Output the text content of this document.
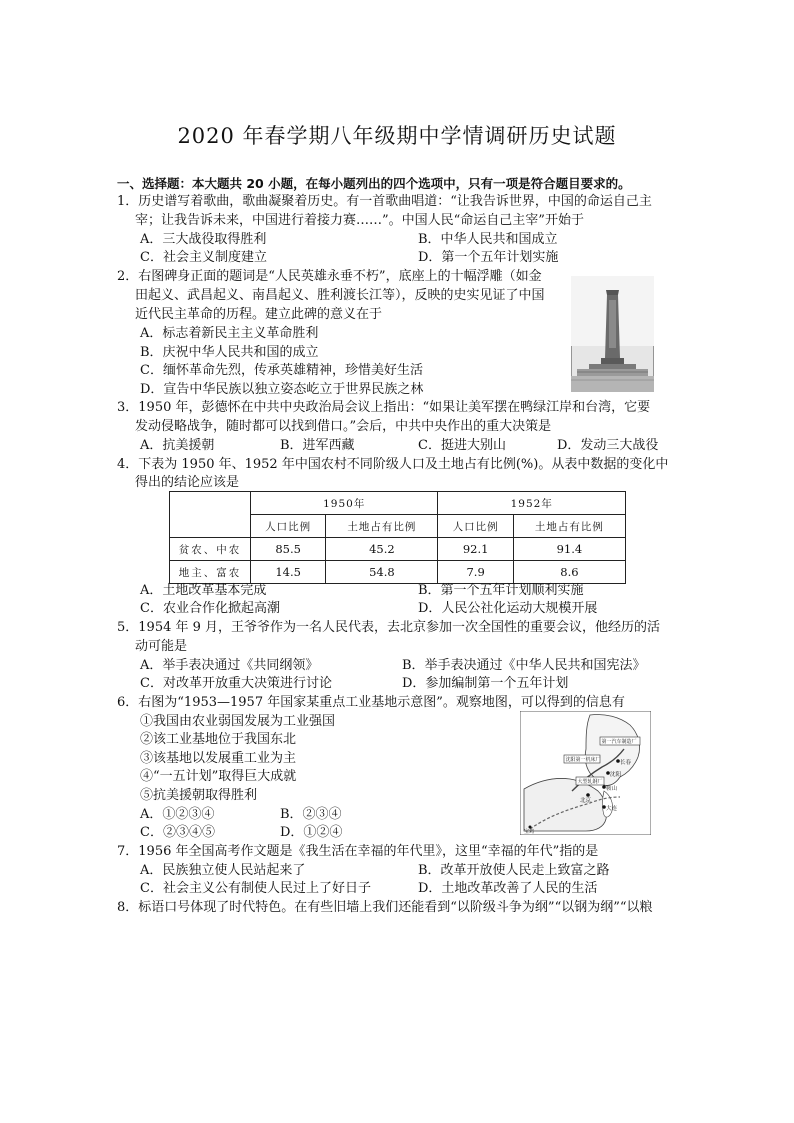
2020 年春学期八年级期中学情调研历史试题
一、选择题：本大题共 20 小题，在每小题列出的四个选项中，只有一项是符合题目要求的。
1．历史谱写着歌曲，歌曲凝聚着历史。有一首歌曲唱道：“让我告诉世界，中国的命运自己主
宰；让我告诉未来，中国进行着接力赛……”。中国人民“命运自己主宰”开始于
A．三大战役取得胜利	B．中华人民共和国成立
C．社会主义制度建立	D．第一个五年计划实施
2．右图碑身正面的题词是“人民英雄永垂不朽”，底座上的十幅浮雕（如金
田起义、武昌起义、南昌起义、胜利渡长江等），反映的史实见证了中国
近代民主革命的历程。建立此碑的意义在于
A．标志着新民主主义革命胜利
B．庆祝中华人民共和国的成立
C．缅怀革命先烈，传承英雄精神，珍惜美好生活
D．宣告中华民族以独立姿态屹立于世界民族之林
3．1950 年，彭德怀在中共中央政治局会议上指出：“如果让美军摆在鸭绿江岸和台湾，它要
发动侵略战争，随时都可以找到借口。”会后，中共中央作出的重大决策是
A．抗美援朝	B．进军西藏	C．挺进大别山	D．发动三大战役
4．下表为 1950 年、1952 年中国农村不同阶级人口及土地占有比例(%)。从表中数据的变化中
得出的结论应该是
	1950年		1952年	
	人口比例	土地占有比例	人口比例	土地占有比例
贫农、中农	85.5	45.2	92.1	91.4
地主、富农	14.5	54.8	7.9	8.6
A．土地改革基本完成	B．第一个五年计划顺利实施
C．农业合作化掀起高潮	D．人民公社化运动大规模开展
5．1954 年 9 月，王爷爷作为一名人民代表，去北京参加一次全国性的重要会议，他经历的活
动可能是
A．举手表决通过《共同纲领》	B．举手表决通过《中华人民共和国宪法》
C．对改革开放重大决策进行讨论	D．参加编制第一个五年计划
6．右图为“1953—1957 年国家某重点工业基地示意图”。观察地图，可以得到的信息有
①我国由农业弱国发展为工业强国
②该工业基地位于我国东北
③该基地以发展重工业为主
④“一五计划”取得巨大成就
⑤抗美援朝取得胜利
A．①②③④	B．②③④
C．②③④⑤	D．①②④
沈阳第一机床厂
第一汽车制造厂
大型轧钢厂
长春
沈阳
鞍山
北京
大连
宝鸡
7．1956 年全国高考作文题是《我生活在幸福的年代里》，这里“幸福的年代”指的是
A．民族独立使人民站起来了	B．改革开放使人民走上致富之路
C．社会主义公有制使人民过上了好日子	D．土地改革改善了人民的生活
8．标语口号体现了时代特色。在有些旧墙上我们还能看到“以阶级斗争为纲”“以钢为纲”“以粮
